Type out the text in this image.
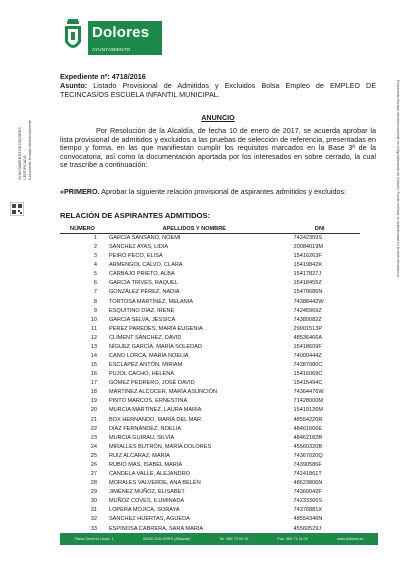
Dolores
AYUNTAMIENTO
AYUNTAMIENTO DE DOLORES
CERTIFICADO
Documento firmado electrónicamente	Documento firmado electrónicamente en el Ayuntamiento de Dolores. Puede verificar su autenticidad en la sede electrónica.

Expediente nº: 4718/2016

Asunto: Listado Provisional de Admitidos y Excluidos Bolsa Empleo de EMPLEO DE TECINCAS/OS ESCUELA INFANTIL MUNICIPAL.

ANUNCIO

Por Resolución de la Alcaldía, de fecha 10 de enero de 2017, se acuerda aprobar la lista provisional de admitidos y excluidos a las pruebas de selección de referencia, presentadas en tiempo y forma, en las que manifiestan cumplir los requisitos marcados en la Base 3ª de la convocatoria, así como la documentación aportada por los interesados en sobre cerrado, la cual se trascribe a continuación:

«PRIMERO. Aprobar la siguiente relación provisional de aspirantes admitidos y excluidos:

RELACIÓN DE ASPIRANTES ADMITIDOS:
NÚMERO	APELLIDOS Y NOMBRE	DNI
1	GARCÍA SANSANO, NOEMI	74242359S
2	SÁNCHEZ AYAS, LIDIA	20084019M
3	PEIRÓ PECO, ELISA	15416263F
4	ARMENGOL CALVO, CLARA	15419842K
5	CARBAJO PRIETO, ALBA	15417827J
6	GARCÍA TRIVES, RAQUEL	15418455Z
7	GONZÁLEZ PÉREZ, NADIA	15470686N
8	TORTOSA MARTÍNEZ, MELANIA	74388442W
9	ESQUITINO DÍAZ, IRENE	74245969Z
10	GARCÍA SELVA, JESSICA	74380082Z
11	PÉREZ PAREDES, MARÍA EUGENIA	29001513P
12	CLIMENT SÁNCHEZ, DAVID	48536466A
13	NÍGUEZ GARCÍA, MARÍA SOLEDAD	15418609F
14	CANO LORCA, MARÍA NOELIA	74000444Z
15	ESCLAPÉZ ANTÓN, MIRIAM	74387080C
16	PUJOL CACHO, HELENA	15416069C
17	GÓMEZ PEDRERO, JOSÉ DAVID	15415494C
18	MARTÍNEZ ALCOCER, MARÍA ASUNCIÓN	74364476W
19	PINTO MARCOS, ERNESTINA	71428000M
20	MURCIA MARTÍNEZ, LAURA MARÍA	15419126M
21	BOX HERNANDO, MARÍA DEL MAR	48554220R
22	DÍAZ FERNÁNDEZ, NOELIA	48461666E
23	MURCIA GUIRAU, SILVIA	48462182B
24	MIRALLES BUTRÓN, MARÍA DOLORES	45560320B
25	RUIZ ALCARAZ, MARÍA	74367020Q
26	RUBIO MAS, ISABEL MARÍA	74390586F
27	CANDELA VALLE, ALEJANDRO	74241861T
28	MORALES VALVERDE, ANA BELÉN	48623806N
29	JIMÉNEZ MUÑOZ, ELISABET	74360042F
30	MUÑOZ COVES, ILUMINADA	74233366S
31	LOPERA MOJICA, SORAYA	74376881X
32	SÁNCHEZ HUERTAS, AGUEDA	48554346N
33	ESPINOSA CABRERA, SARA MARÍA	45560529J
Plaza General Llopis, 1	03150 DOLORES (Alicante)	Tel. 965 72 00 25	Fax. 965 71 11 00	www.dolores.es
